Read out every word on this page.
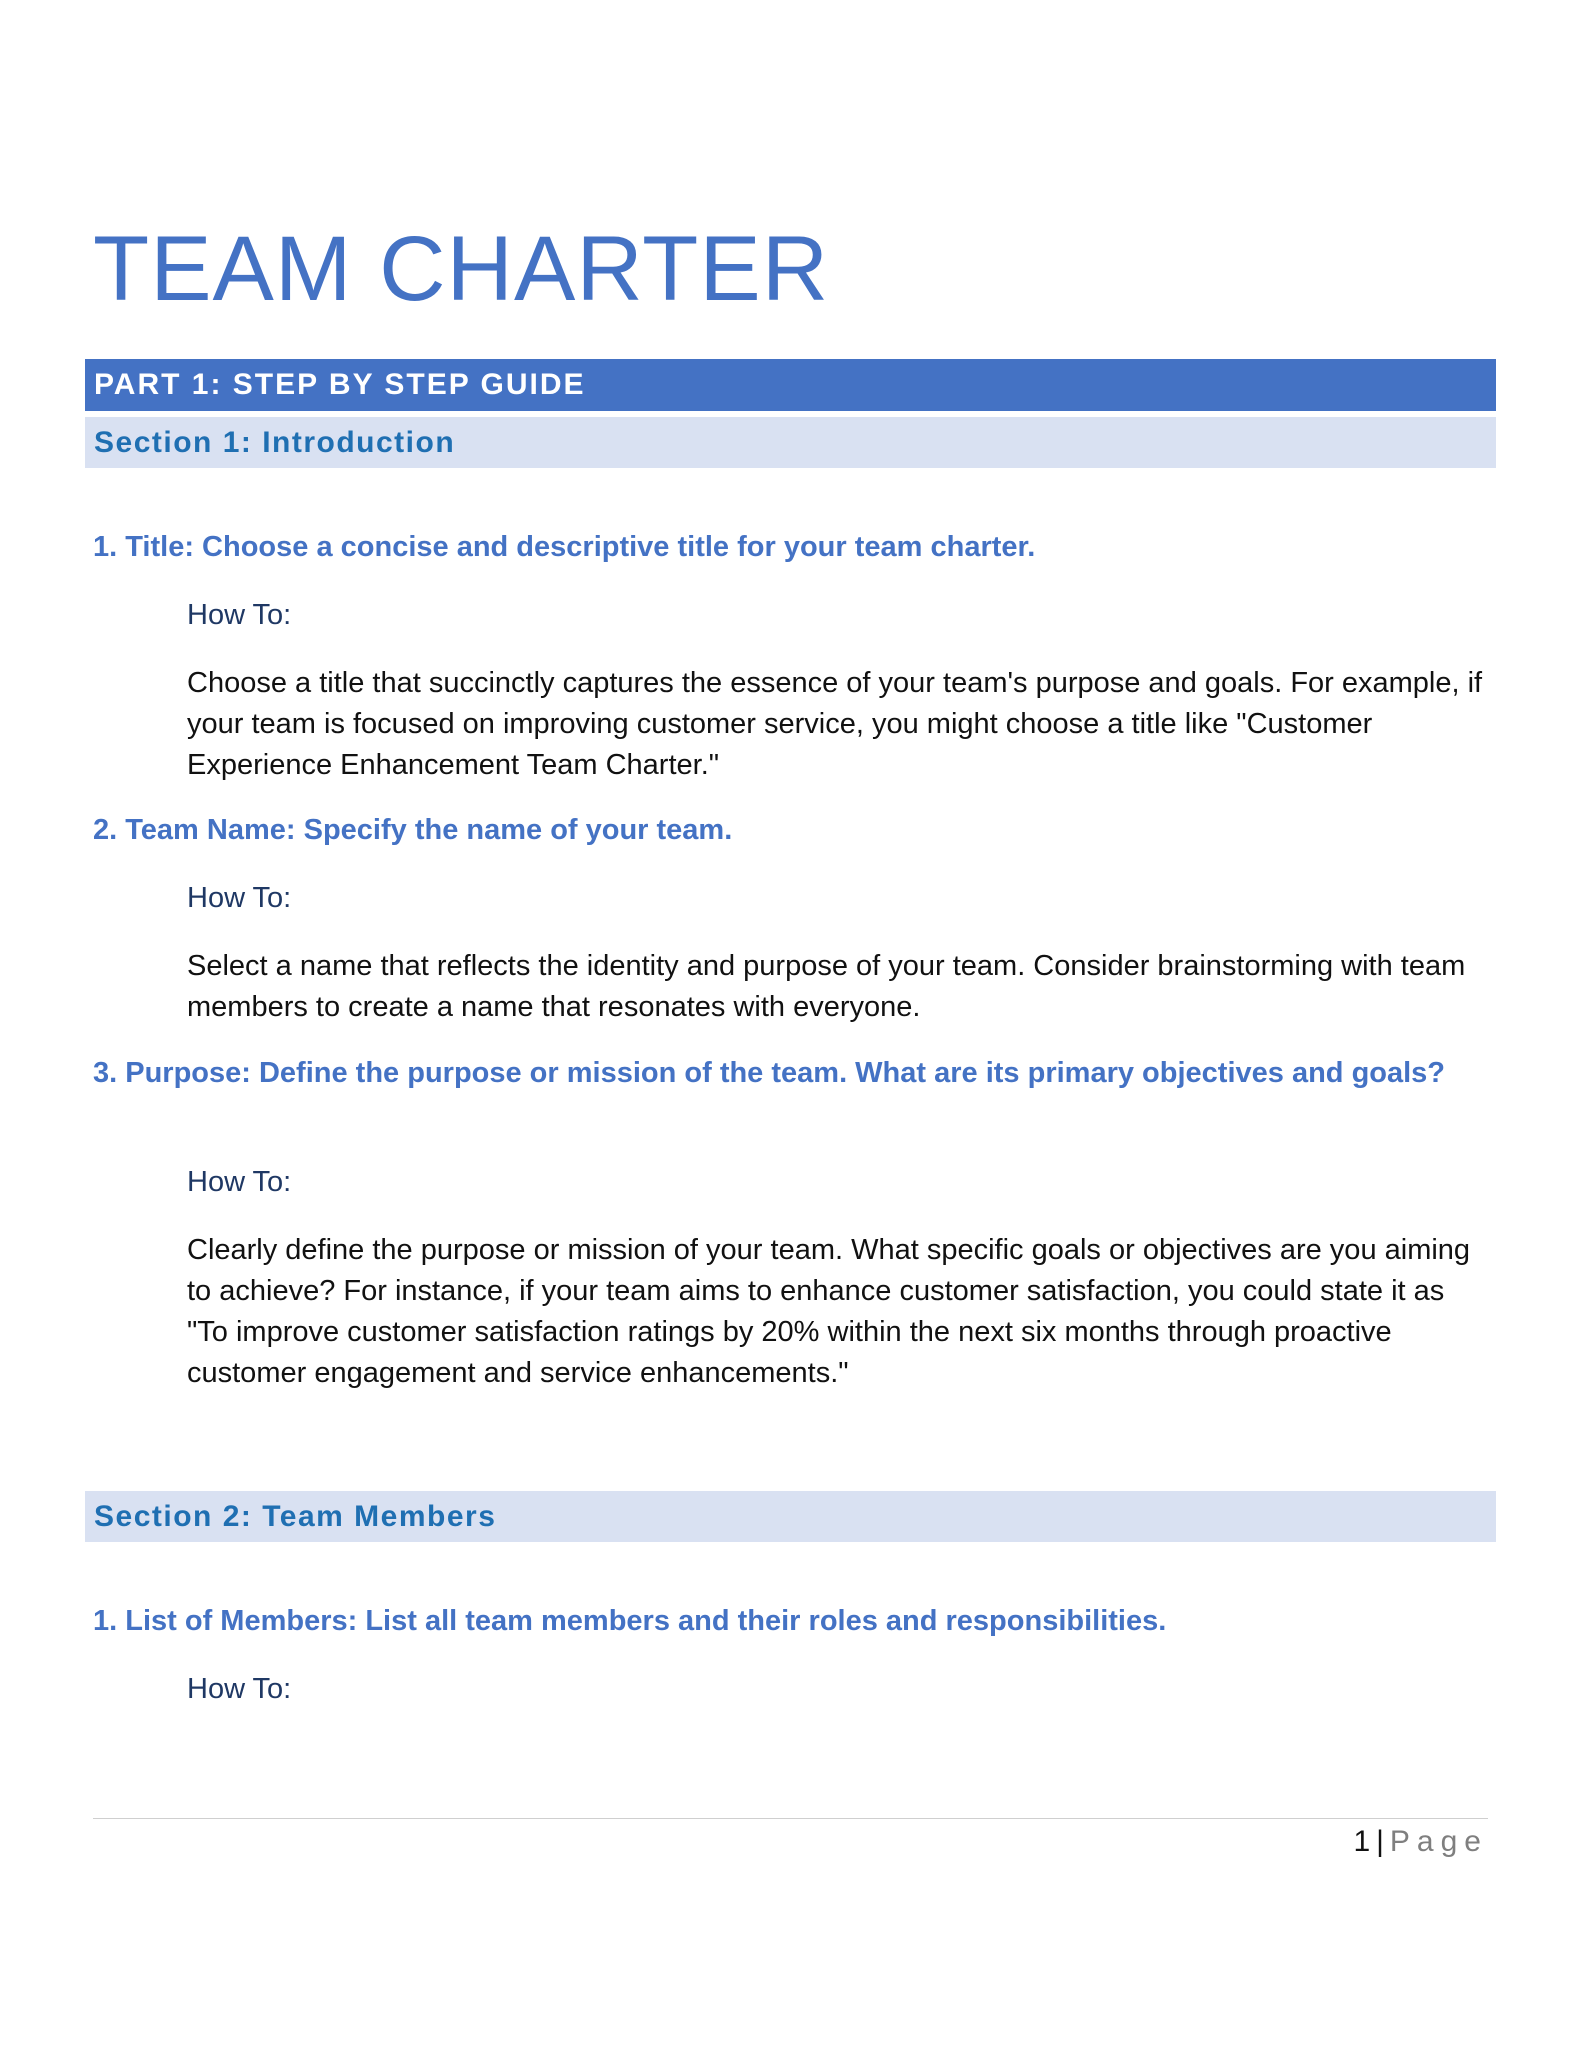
TEAM CHARTER
PART 1: STEP BY STEP GUIDE
Section 1: Introduction
1. Title: Choose a concise and descriptive title for your team charter.
How To:

Choose a title that succinctly captures the essence of your team's purpose and goals. For example, if your team is focused on improving customer service, you might choose a title like "Customer Experience Enhancement Team Charter."

2. Team Name: Specify the name of your team.
How To:

Select a name that reflects the identity and purpose of your team. Consider brainstorming with team members to create a name that resonates with everyone.

3. Purpose: Define the purpose or mission of the team. What are its primary objectives and goals?
How To:

Clearly define the purpose or mission of your team. What specific goals or objectives are you aiming to achieve? For instance, if your team aims to enhance customer satisfaction, you could state it as "To improve customer satisfaction ratings by 20% within the next six months through proactive customer engagement and service enhancements."

Section 2: Team Members
1. List of Members: List all team members and their roles and responsibilities.
How To:
1 | Page
